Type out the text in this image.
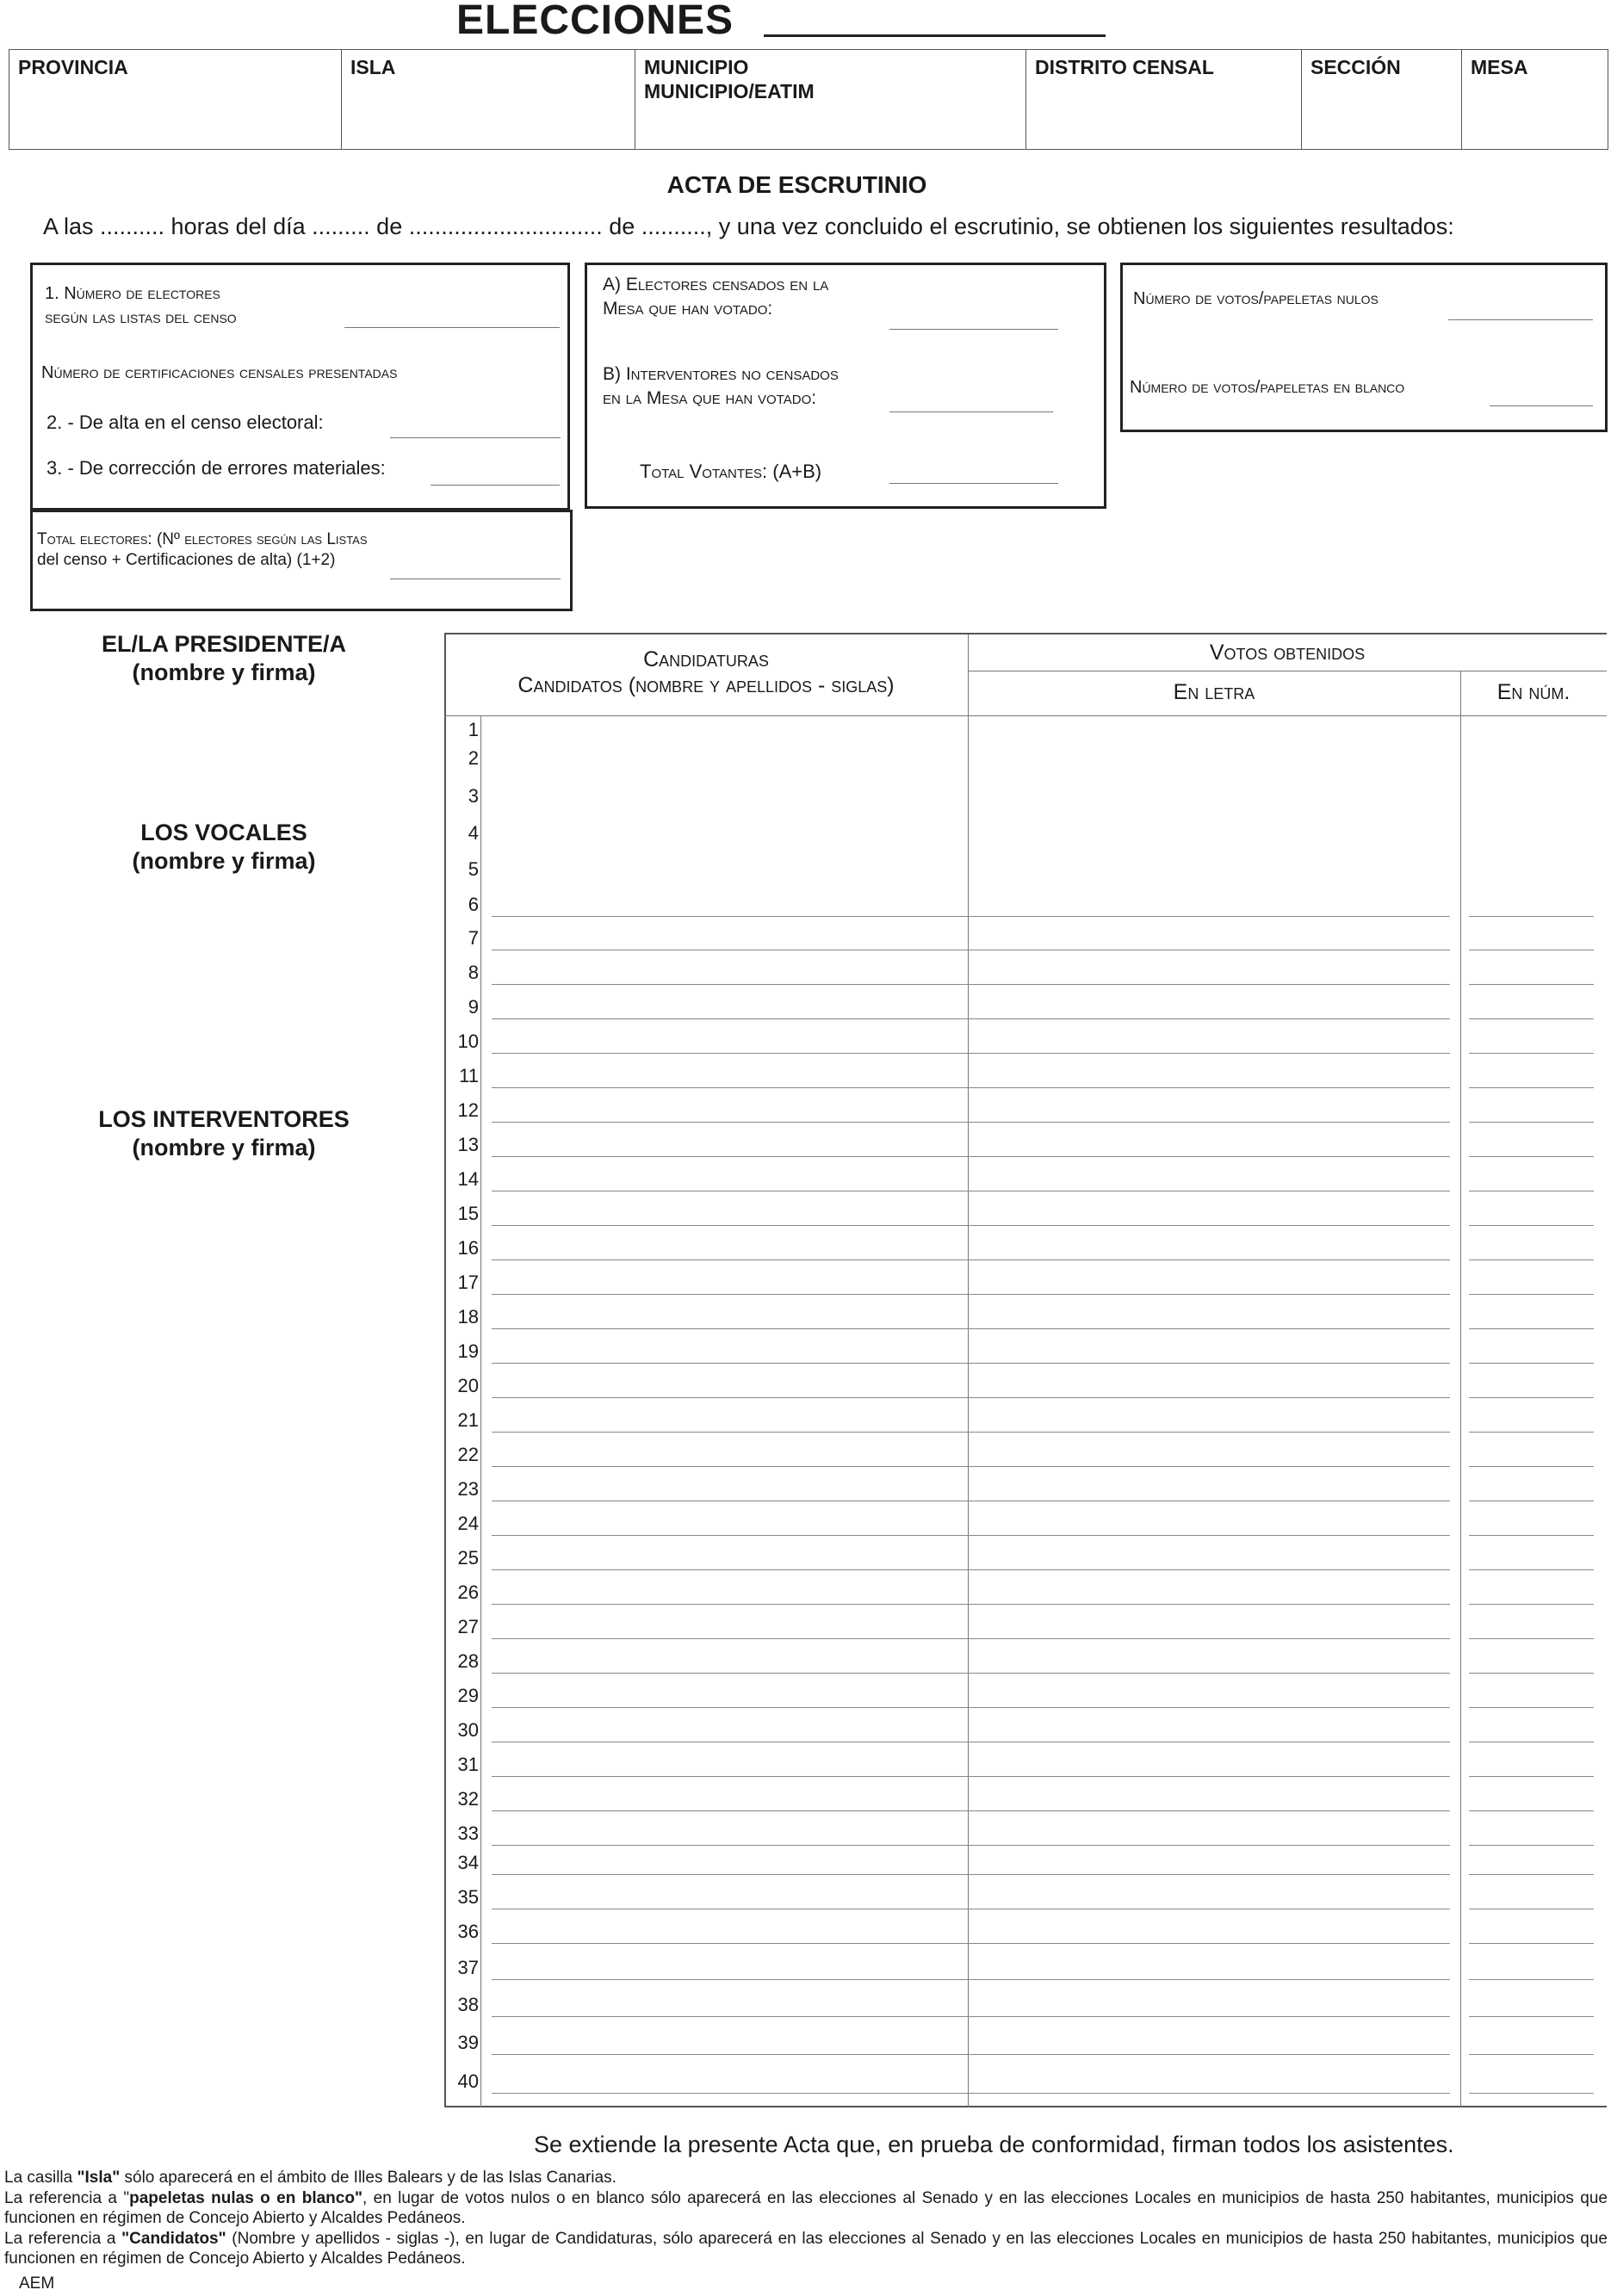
ELECCIONES
PROVINCIA	ISLA	MUNICIPIO
MUNICIPIO/EATIM
DISTRITO CENSAL	SECCIÓN	MESA
ACTA DE ESCRUTINIO
A las .......... horas del día ......... de .............................. de .........., y una vez concluido el escrutinio, se obtienen los siguientes resultados:
1. Número de electores
según las listas del censo
Número de certificaciones censales presentadas
2. - De alta en el censo electoral:
3. - De corrección de errores materiales:
Total electores: (Nº electores según las Listas
del censo + Certificaciones de alta) (1+2)
A) Electores censados en la
Mesa que han votado:
B) Interventores no censados
en la Mesa que han votado:
Total Votantes: (A+B)
Número de votos/papeletas nulos
Número de votos/papeletas en blanco
EL/LA PRESIDENTE/A
(nombre y firma)
LOS VOCALES
(nombre y firma)
LOS INTERVENTORES
(nombre y firma)
Candidaturas
Candidatos (nombre y apellidos - siglas)
Votos obtenidos
En letra	En núm.
1
2
3
4
5
6
7
8
9
10
11
12
13
14
15
16
17
18
19
20
21
22
23
24
25
26
27
28
29
30
31
32
33
34
35
36
37
38
39
40
Se extiende la presente Acta que, en prueba de conformidad, firman todos los asistentes.
La casilla "Isla" sólo aparecerá en el ámbito de Illes Balears y de las Islas Canarias.
La referencia a "papeletas nulas o en blanco", en lugar de votos nulos o en blanco sólo aparecerá en las elecciones al Senado y en las elecciones Locales en municipios de hasta 250 habitantes, municipios que funcionen en régimen de Concejo Abierto y Alcaldes Pedáneos.
La referencia a "Candidatos" (Nombre y apellidos - siglas -), en lugar de Candidaturas, sólo aparecerá en las elecciones al Senado y en las elecciones Locales en municipios de hasta 250 habitantes, municipios que funcionen en régimen de Concejo Abierto y Alcaldes Pedáneos.
AEM
